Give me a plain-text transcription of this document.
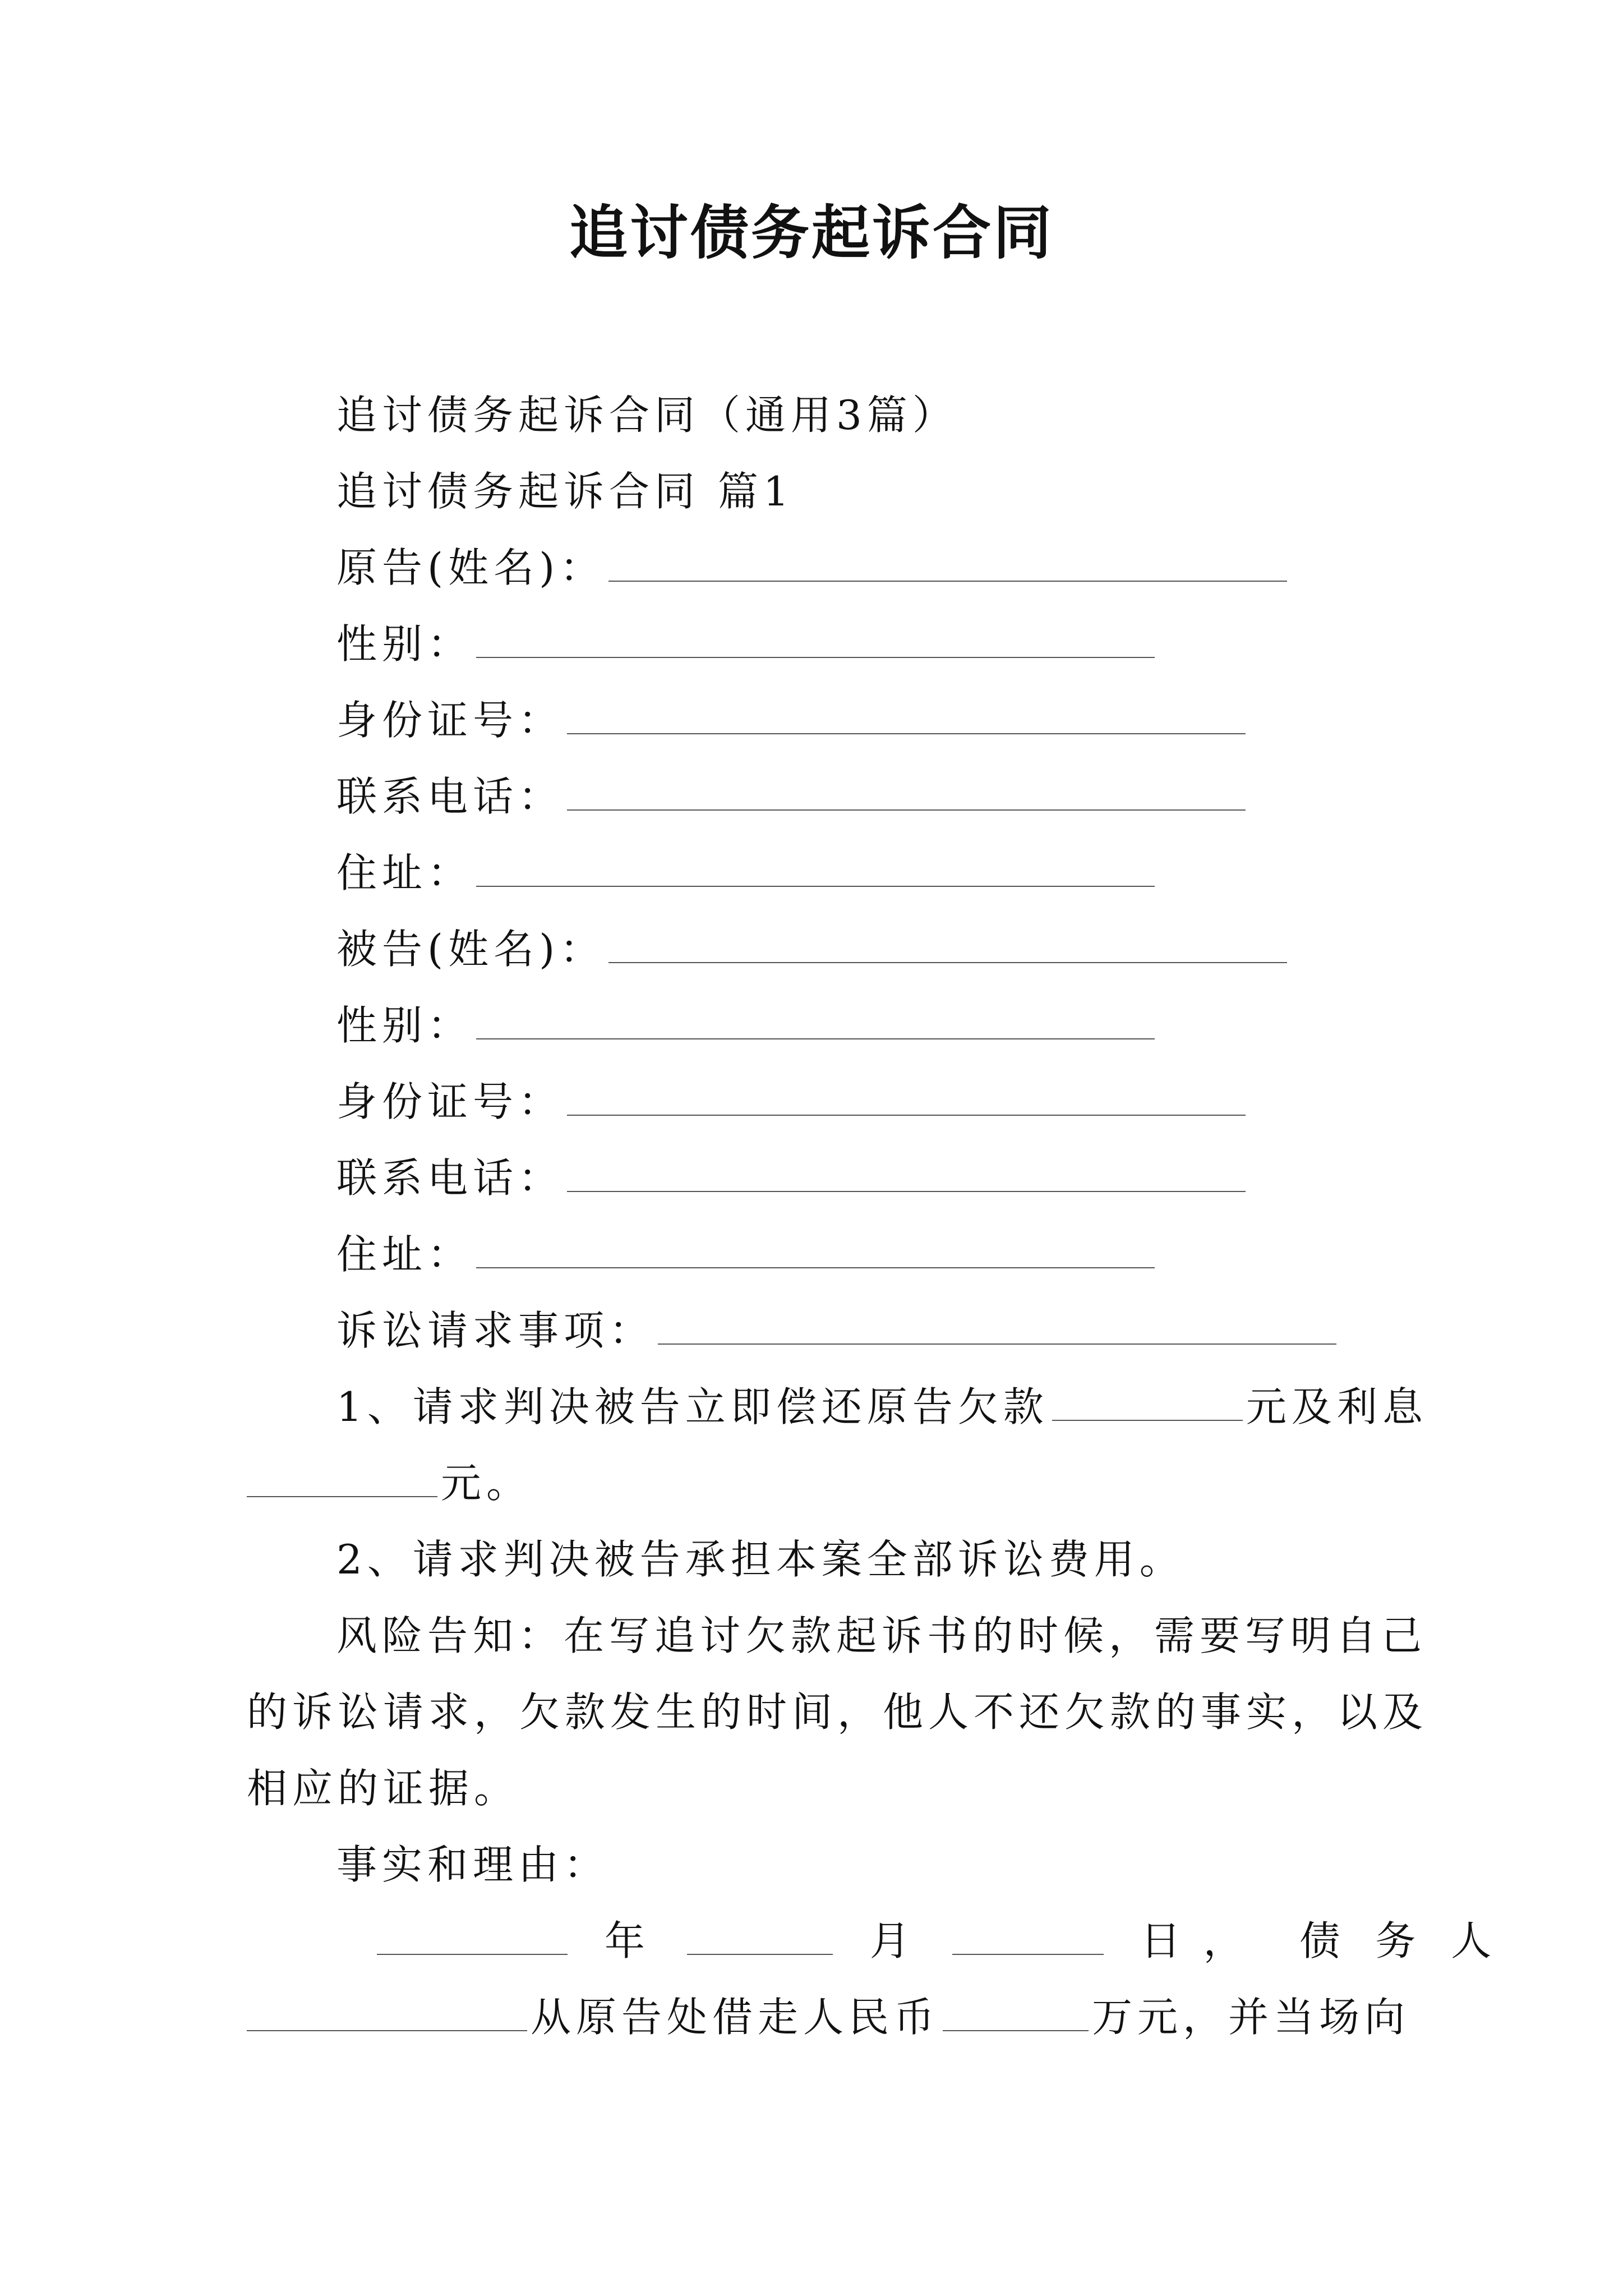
追讨债务起诉合同
追讨债务起诉合同（通用3篇）
追讨债务起诉合同 篇1
原告(姓名)：
性别：
身份证号：
联系电话：
住址：
被告(姓名)：
性别：
身份证号：
联系电话：
住址：
诉讼请求事项：
1、请求判决被告立即偿还原告欠款	元及利息
元。
2、请求判决被告承担本案全部诉讼费用。
风险告知：在写追讨欠款起诉书的时候，需要写明自己
的诉讼请求，欠款发生的时间，他人不还欠款的事实，以及
相应的证据。
事实和理由：
年	月	日， 债 务 人
从原告处借走人民币	万元，并当场向
